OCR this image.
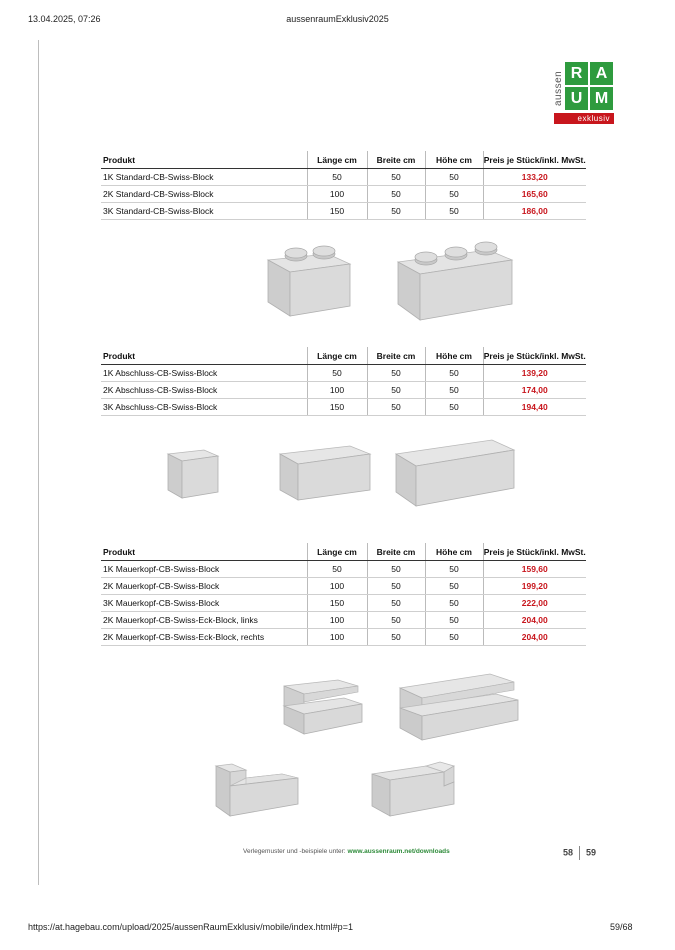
13.04.2025, 07:26	aussenraumExklusiv2025
aussen R A
U M
exklusiv
Produkt	Länge cm	Breite cm	Höhe cm	Preis je Stück/inkl. MwSt.
1K Standard-CB-Swiss-Block	50	50	50	133,20
2K Standard-CB-Swiss-Block	100	50	50	165,60
3K Standard-CB-Swiss-Block	150	50	50	186,00
Produkt	Länge cm	Breite cm	Höhe cm	Preis je Stück/inkl. MwSt.
1K Abschluss-CB-Swiss-Block	50	50	50	139,20
2K Abschluss-CB-Swiss-Block	100	50	50	174,00
3K Abschluss-CB-Swiss-Block	150	50	50	194,40
Produkt	Länge cm	Breite cm	Höhe cm	Preis je Stück/inkl. MwSt.
1K Mauerkopf-CB-Swiss-Block	50	50	50	159,60
2K Mauerkopf-CB-Swiss-Block	100	50	50	199,20
3K Mauerkopf-CB-Swiss-Block	150	50	50	222,00
2K Mauerkopf-CB-Swiss-Eck-Block, links	100	50	50	204,00
2K Mauerkopf-CB-Swiss-Eck-Block, rechts	100	50	50	204,00
Verlegemuster und -beispiele unter: www.aussenraum.net/downloads	58 59
https://at.hagebau.com/upload/2025/aussenRaumExklusiv/mobile/index.html#p=1	59/68
